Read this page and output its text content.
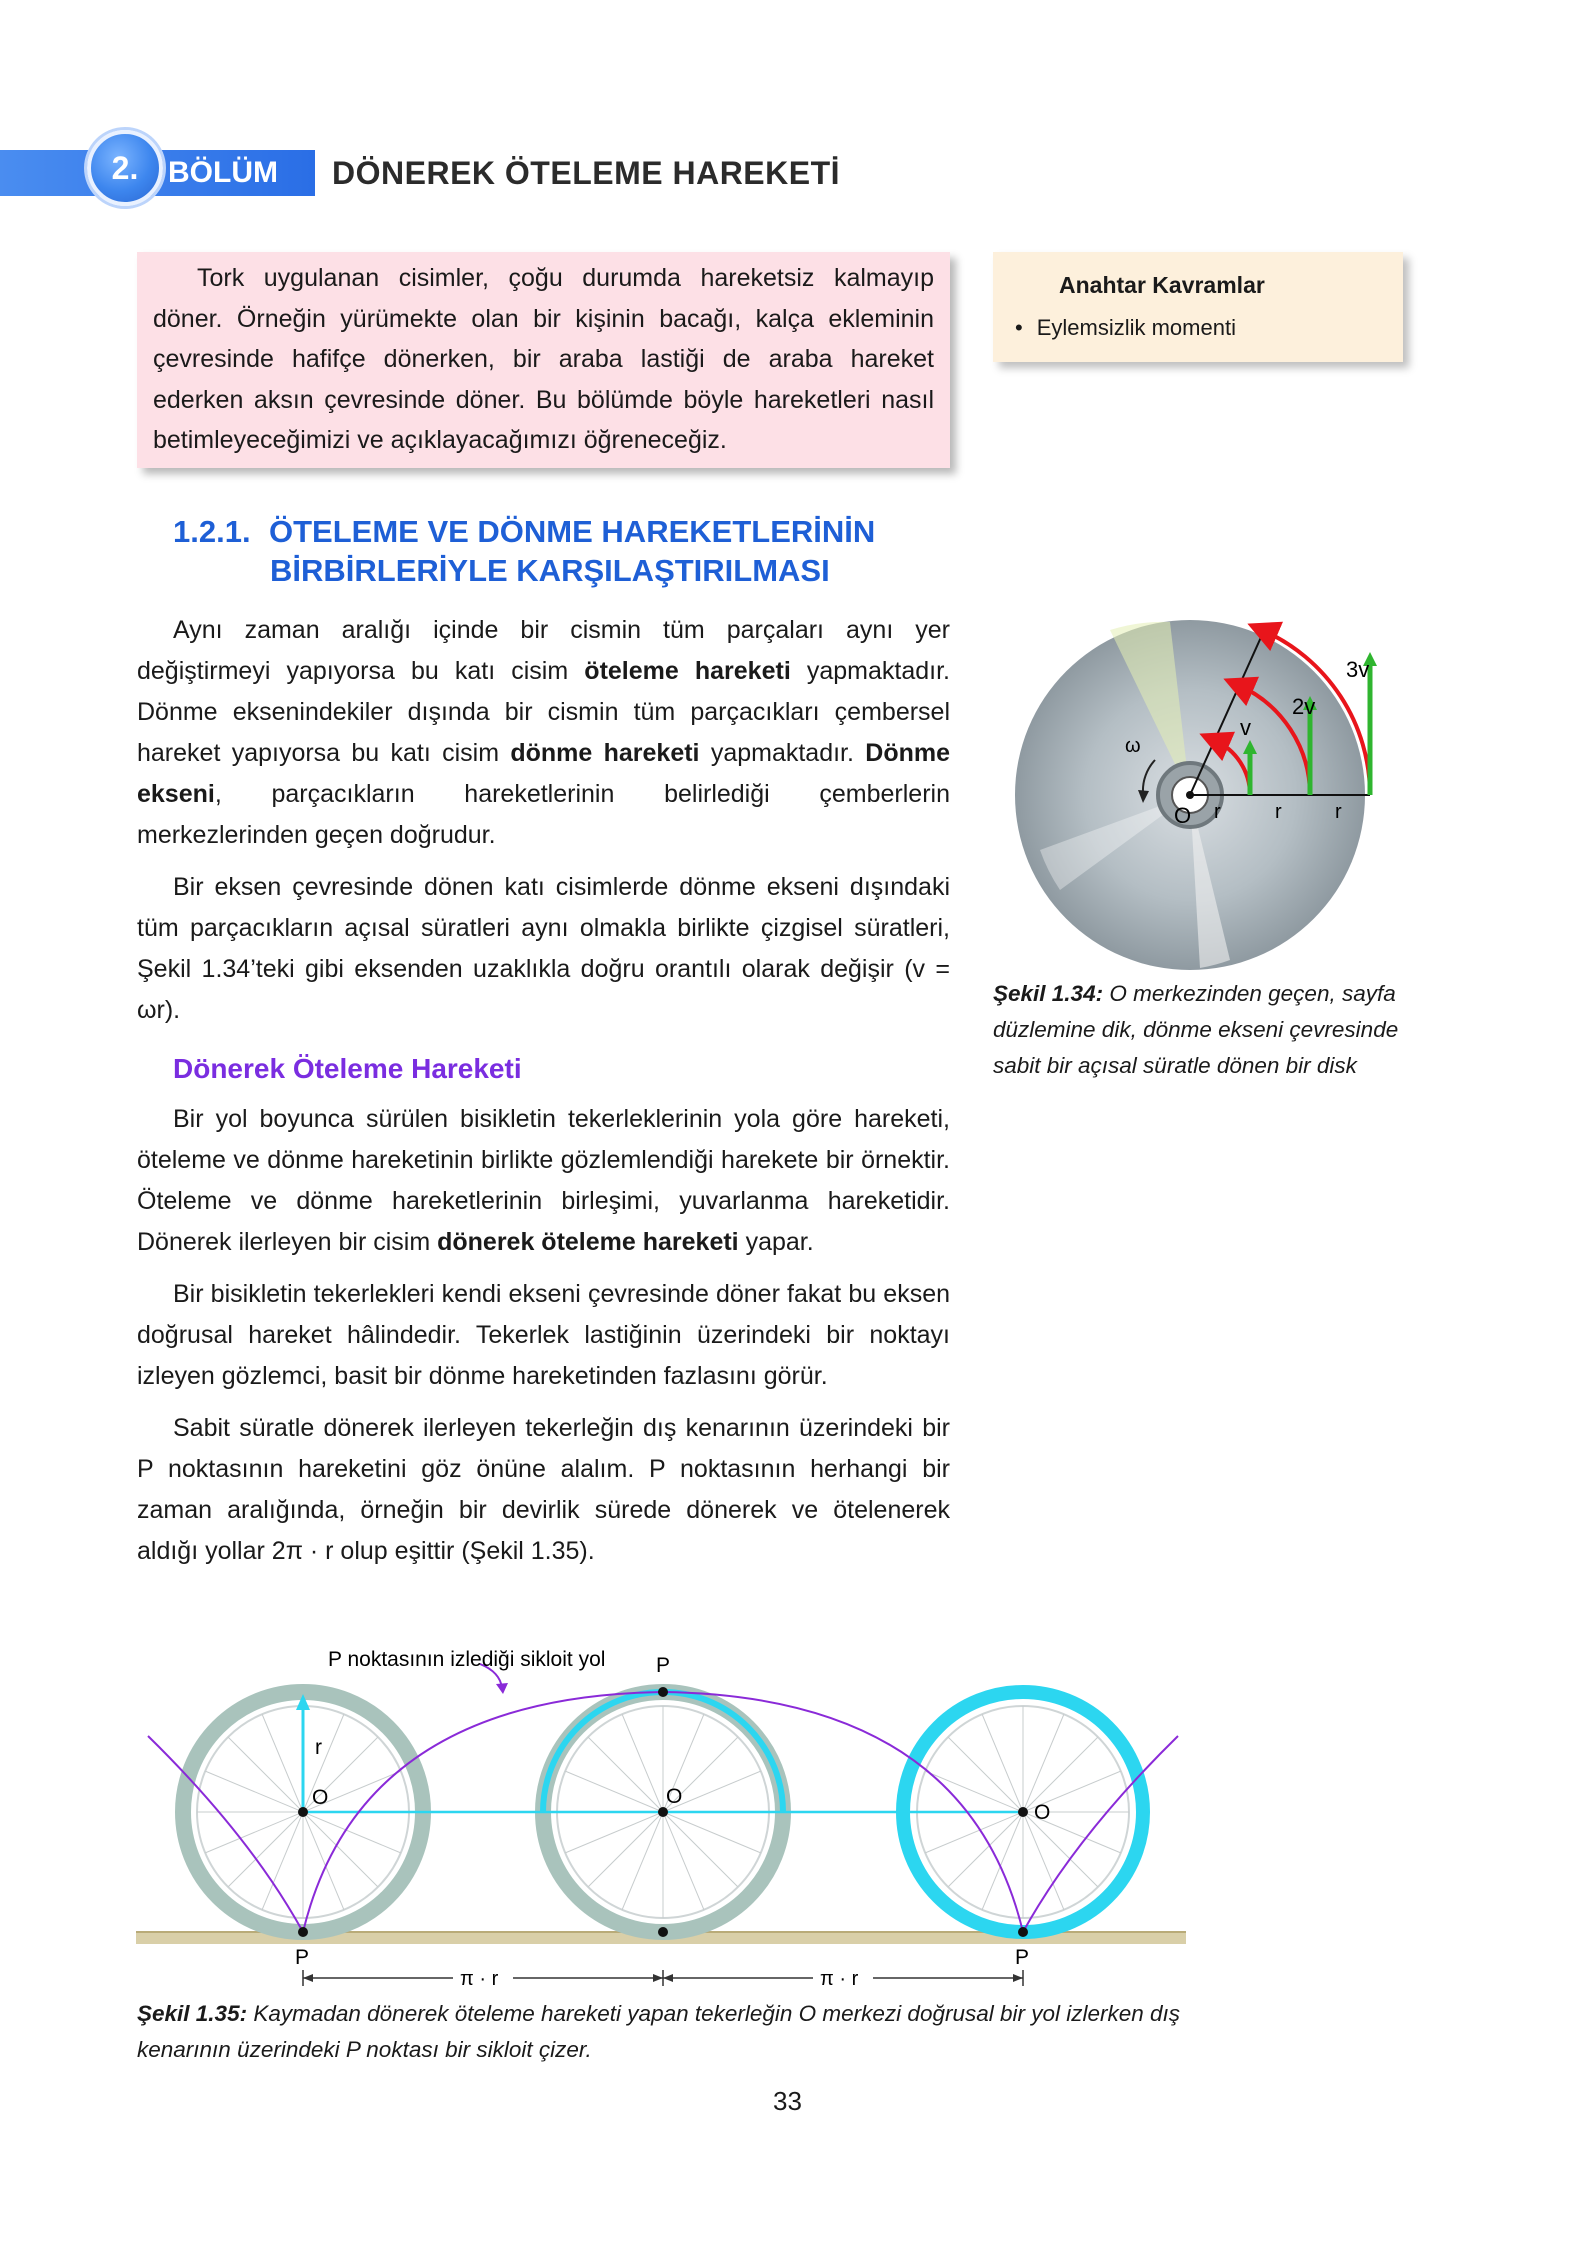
2. BÖLÜM DÖNEREK ÖTELEME HAREKETİ

Tork uygulanan cisimler, çoğu durumda hareketsiz kalmayıp döner. Örneğin yürümekte olan bir kişinin bacağı, kalça ekleminin çevresinde hafifçe dönerken, bir araba lastiği de araba hareket ederken aksın çevresinde döner. Bu bölümde böyle hareketleri nasıl betimleyeceğimizi ve açıklayacağımızı öğreneceğiz.

Anahtar Kavramlar
• Eylemsizlik momenti
1.2.1. ÖTELEME VE DÖNME HAREKETLERİNİN
BİRBİRLERİYLE KARŞILAŞTIRILMASI

Aynı zaman aralığı içinde bir cismin tüm parçaları aynı yer değiştirmeyi yapıyorsa bu katı cisim öteleme hareketi yapmaktadır. Dönme eksenindekiler dışında bir cismin tüm parçacıkları çembersel hareket yapıyorsa bu katı cisim dönme hareketi yapmaktadır. Dönme ekseni, parçacıkların hareketlerinin belirlediği çemberlerin merkezlerinden geçen doğrudur.

Bir eksen çevresinde dönen katı cisimlerde dönme ekseni dışındaki tüm parçacıkların açısal süratleri aynı olmakla birlikte çizgisel süratleri, Şekil 1.34’teki gibi eksenden uzaklıkla doğru orantılı olarak değişir (v = ωr).

Dönerek Öteleme Hareketi

Bir yol boyunca sürülen bisikletin tekerleklerinin yola göre hareketi, öteleme ve dönme hareketinin birlikte gözlemlendiği harekete bir örnektir. Öteleme ve dönme hareketlerinin birleşimi, yuvarlanma hareketidir. Dönerek ilerleyen bir cisim dönerek öteleme hareketi yapar.

Bir bisikletin tekerlekleri kendi ekseni çevresinde döner fakat bu eksen doğrusal hareket hâlindedir. Tekerlek lastiğinin üzerindeki bir noktayı izleyen gözlemci, basit bir dönme hareketinden fazlasını görür.

Sabit süratle dönerek ilerleyen tekerleğin dış kenarının üzerindeki bir P noktasının hareketini göz önüne alalım. P noktasının herhangi bir zaman aralığında, örneğin bir devirlik sürede dönerek ve ötelenerek aldığı yollar 2π · r olup eşittir (Şekil 1.35).

ω
v
2v
3v
O r	r	r
Şekil 1.34: O merkezinden geçen, sayfa düzlemine dik, dönme ekseni çevresinde sabit bir açısal süratle dönen bir disk
P noktasının izlediği sikloit yol P
r
O	O
O
P	P
π · r	π · r
Şekil 1.35: Kaymadan dönerek öteleme hareketi yapan tekerleğin O merkezi doğrusal bir yol izlerken dış kenarının üzerindeki P noktası bir sikloit çizer.
33
